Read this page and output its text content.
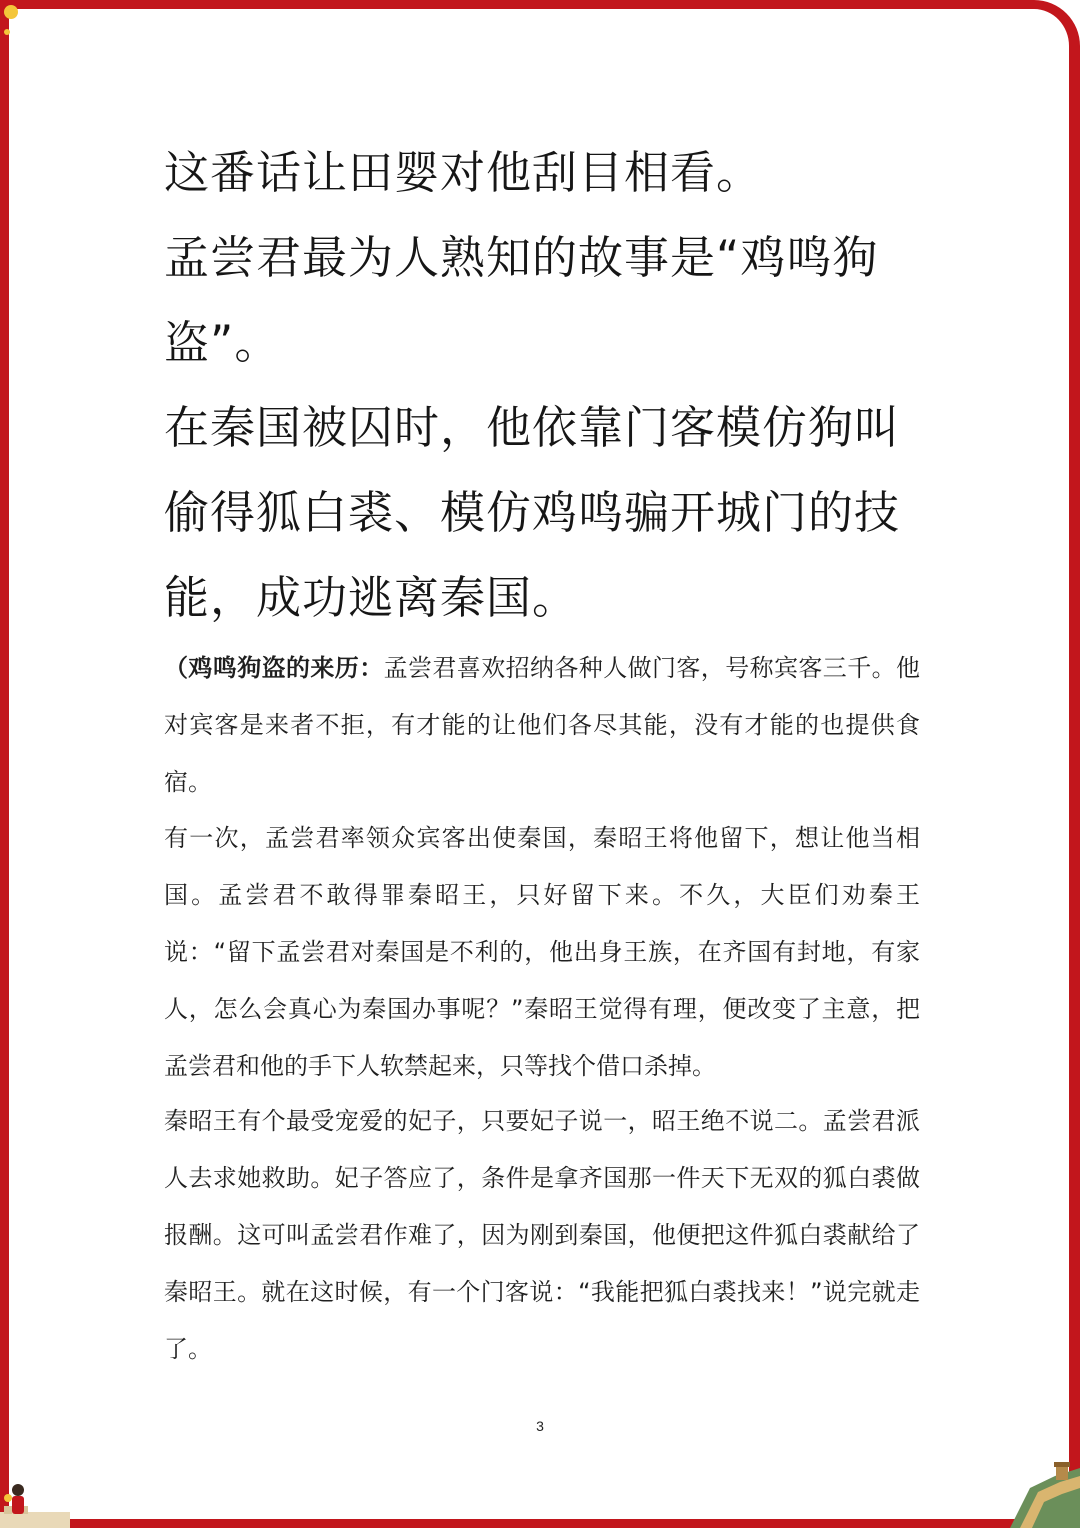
这番话让田婴对他刮目相看。

孟尝君最为人熟知的故事是“鸡鸣狗

盗”。

在秦国被囚时，他依靠门客模仿狗叫

偷得狐白裘、模仿鸡鸣骗开城门的技

能，成功逃离秦国。

（鸡鸣狗盗的来历：孟尝君喜欢招纳各种人做门客，号称宾客三千。他对宾客是来者不拒，有才能的让他们各尽其能，没有才能的也提供食宿。

有一次，孟尝君率领众宾客出使秦国，秦昭王将他留下，想让他当相国。孟尝君不敢得罪秦昭王，只好留下来。不久，大臣们劝秦王说：“留下孟尝君对秦国是不利的，他出身王族，在齐国有封地，有家人，怎么会真心为秦国办事呢？”秦昭王觉得有理，便改变了主意，把孟尝君和他的手下人软禁起来，只等找个借口杀掉。

秦昭王有个最受宠爱的妃子，只要妃子说一，昭王绝不说二。孟尝君派人去求她救助。妃子答应了，条件是拿齐国那一件天下无双的狐白裘做报酬。这可叫孟尝君作难了，因为刚到秦国，他便把这件狐白裘献给了秦昭王。就在这时候，有一个门客说：“我能把狐白裘找来！”说完就走了。

3
